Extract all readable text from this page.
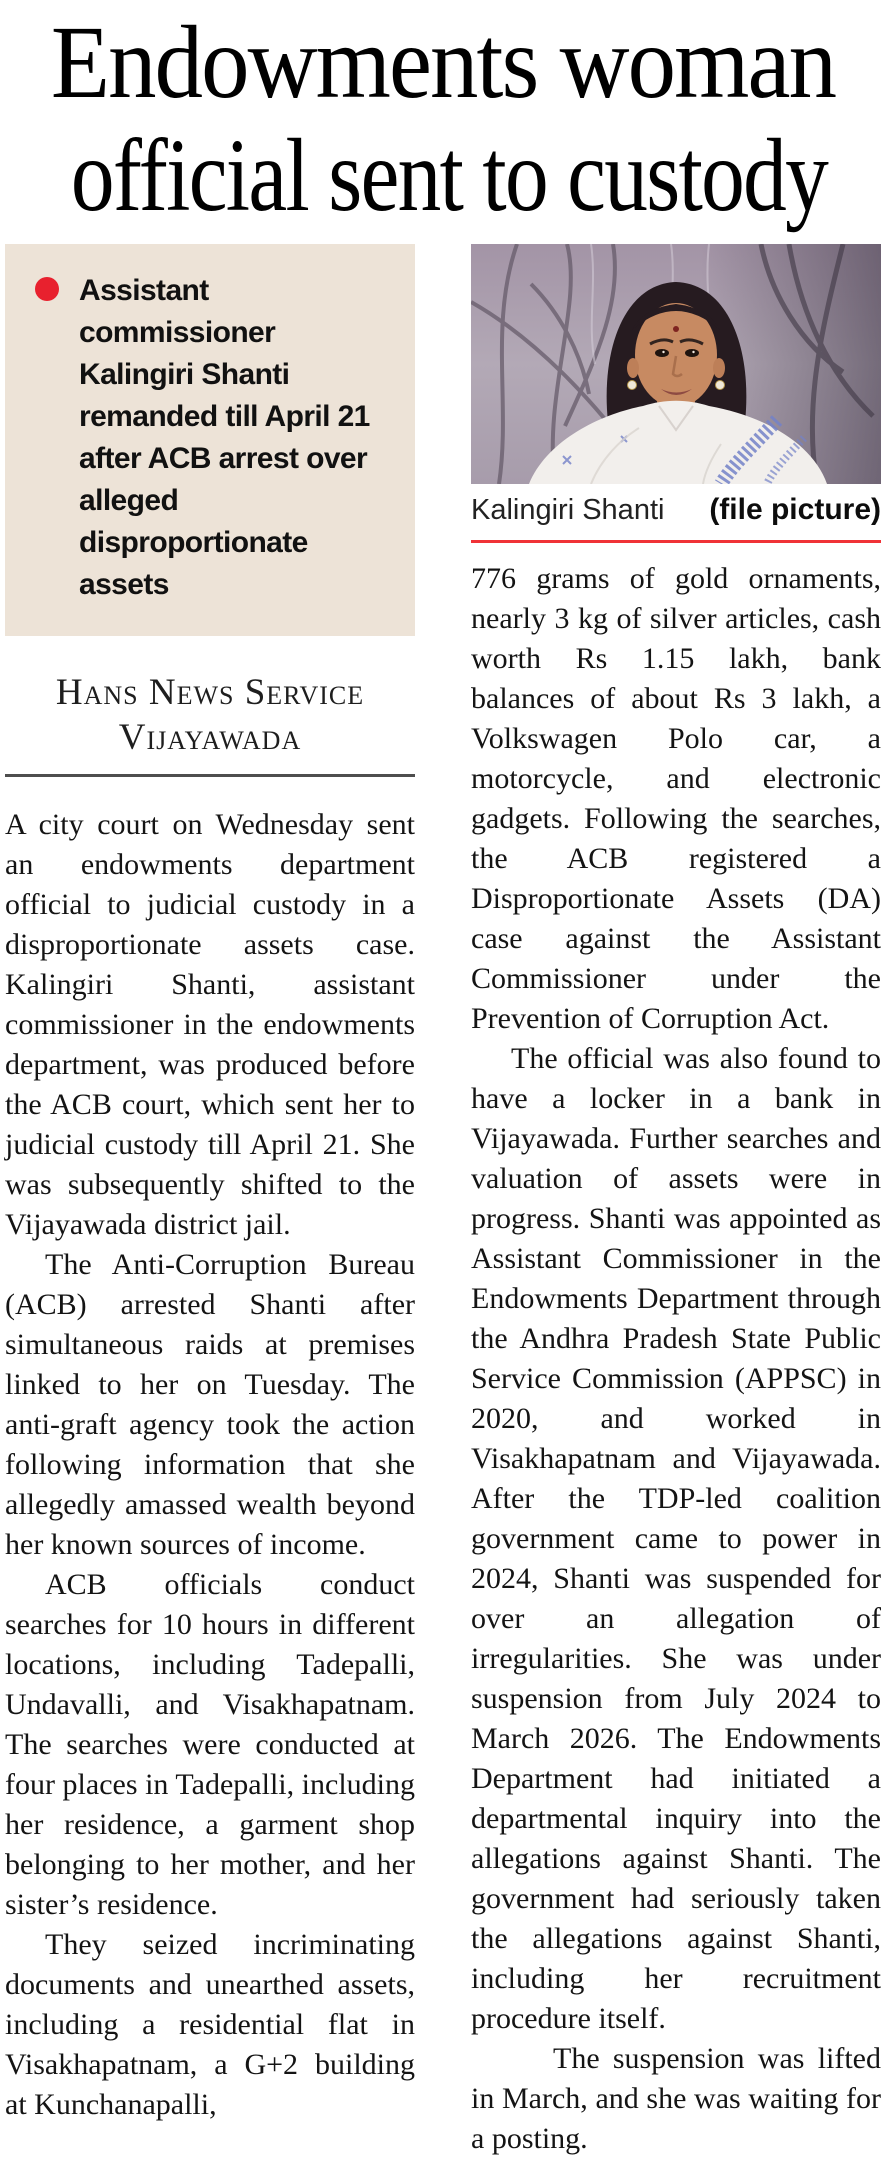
Endowments woman
official sent to custody

Assistant commissioner Kalingiri Shanti remanded till April 21 after ACB arrest over alleged disproportionate assets

Hans News Service
Vijayawada

A city court on Wednesday sent an endowments department official to judicial custody in a disproportionate assets case. Kalingiri Shanti, assistant commissioner in the endowments department, was produced before the ACB court, which sent her to judicial custody till April 21. She was subsequently shifted to the Vijayawada district jail.

The Anti-Corruption Bureau (ACB) arrested Shanti after simultaneous raids at premises linked to her on Tuesday. The anti-graft agency took the action following information that she allegedly amassed wealth beyond her known sources of income.

ACB officials conduct searches for 10 hours in different locations, including Tadepalli, Undavalli, and Visakhapatnam. The searches were conducted at four places in Tadepalli, including her residence, a garment shop belonging to her mother, and her sister’s residence.

They seized incriminating documents and unearthed assets, including a residential flat in Visakhapatnam, a G+2 building at Kunchanapalli,

Kalingiri Shanti (file picture)

776 grams of gold ornaments, nearly 3 kg of silver articles, cash worth Rs 1.15 lakh, bank balances of about Rs 3 lakh, a Volkswagen Polo car, a motorcycle, and electronic gadgets. Following the searches, the ACB registered a Disproportionate Assets (DA) case against the Assistant Commissioner under the Prevention of Corruption Act.

The official was also found to have a locker in a bank in Vijayawada. Further searches and valuation of assets were in progress. Shanti was appointed as Assistant Commissioner in the Endowments Department through the Andhra Pradesh State Public Service Commission (APPSC) in 2020, and worked in Visakhapatnam and Vijayawada. After the TDP-led coalition government came to power in 2024, Shanti was suspended for over an allegation of irregularities. She was under suspension from July 2024 to March 2026. The Endowments Department had initiated a departmental inquiry into the allegations against Shanti. The government had seriously taken the allegations against Shanti, including her recruitment procedure itself.

The suspension was lifted in March, and she was waiting for a posting.
